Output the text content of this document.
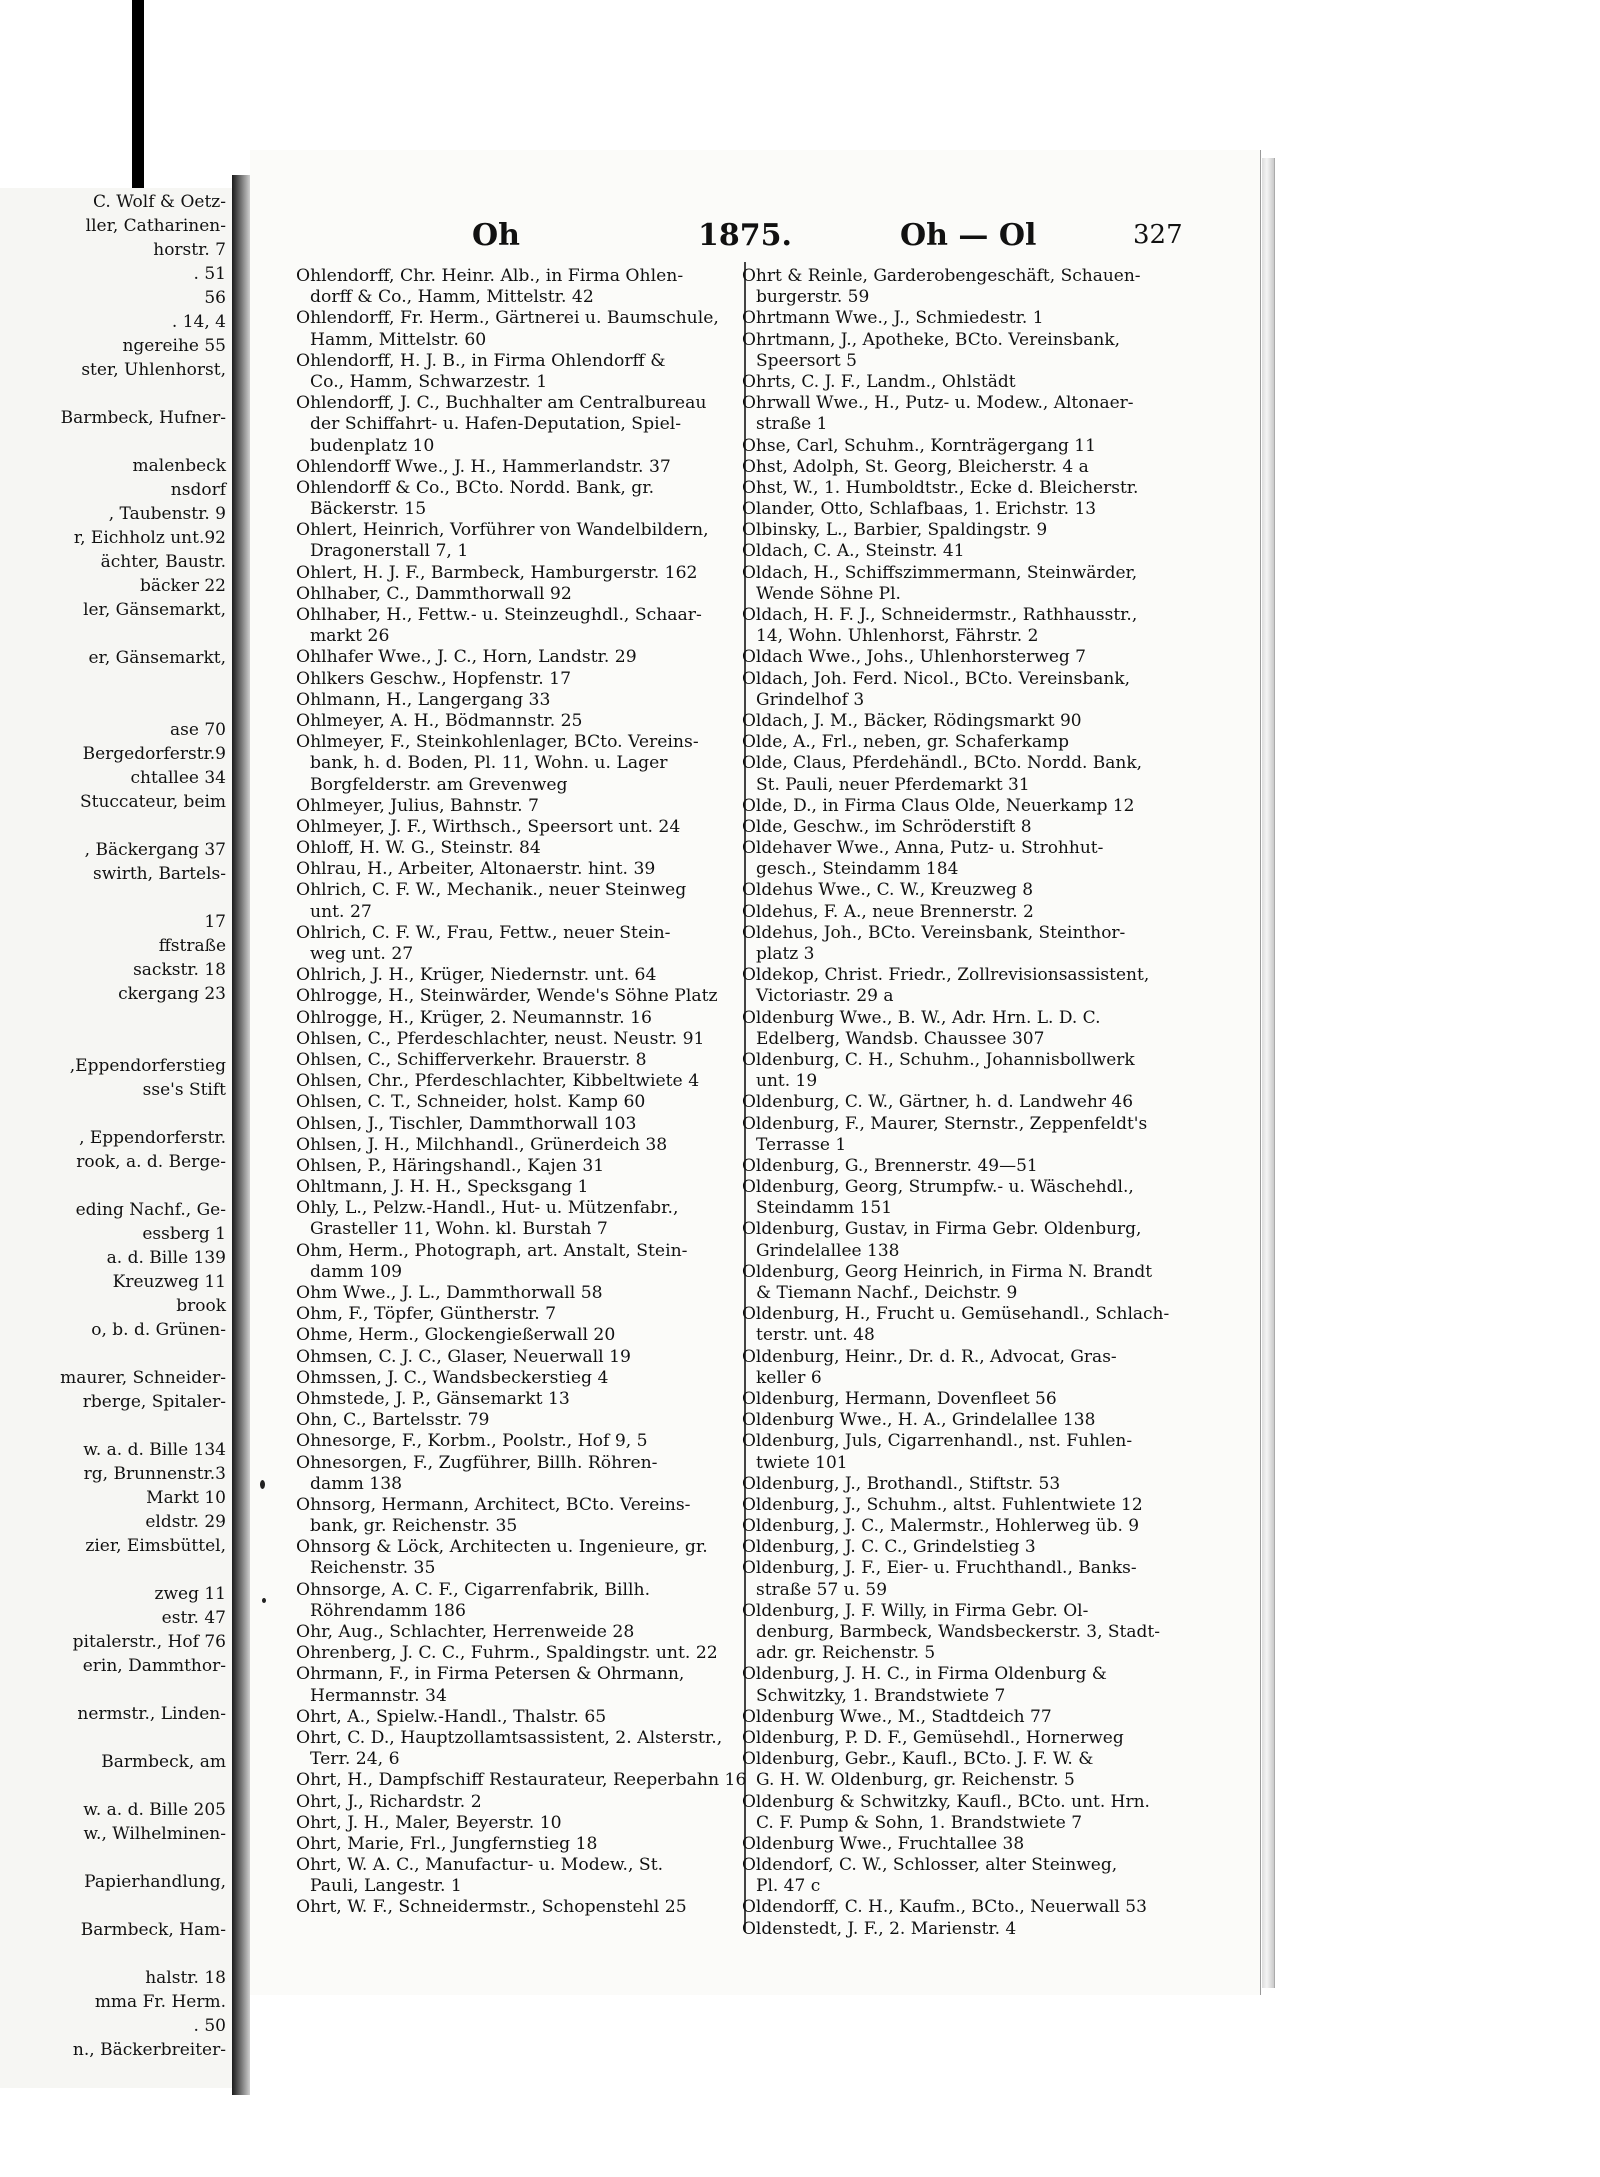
C. Wolf & Oetz-
ller, Catharinen-
horstr. 7
. 51
56
. 14, 4
ngereihe 55
ster, Uhlenhorst,
Barmbeck, Hufner-
malenbeck
nsdorf
, Taubenstr. 9
r, Eichholz unt.92
ächter, Baustr.
bäcker 22
ler, Gänsemarkt,
er, Gänsemarkt,
ase 70
Bergedorferstr.9
chtallee 34
Stuccateur, beim
, Bäckergang 37
swirth, Bartels-
17
ffstraße
sackstr. 18
ckergang 23
,Eppendorferstieg
sse's Stift
, Eppendorferstr.
rook, a. d. Berge-
eding Nachf., Ge-
essberg 1
a. d. Bille 139
Kreuzweg 11
brook
o, b. d. Grünen-
maurer, Schneider-
rberge, Spitaler-
w. a. d. Bille 134
rg, Brunnenstr.3
Markt 10
eldstr. 29
zier, Eimsbüttel,
zweg 11
estr. 47
pitalerstr., Hof 76
erin, Dammthor-
nermstr., Linden-
Barmbeck, am
w. a. d. Bille 205
w., Wilhelminen-
Papierhandlung,
Barmbeck, Ham-
halstr. 18
mma Fr. Herm.
. 50
n., Bäckerbreiter-
Oh	1875.	Oh — Ol	327
Ohlendorff, Chr. Heinr. Alb., in Firma Ohlen-
dorff & Co., Hamm, Mittelstr. 42
Ohlendorff, Fr. Herm., Gärtnerei u. Baumschule,
Hamm, Mittelstr. 60
Ohlendorff, H. J. B., in Firma Ohlendorff &
Co., Hamm, Schwarzestr. 1
Ohlendorff, J. C., Buchhalter am Centralbureau
der Schiffahrt- u. Hafen-Deputation, Spiel-
budenplatz 10
Ohlendorff Wwe., J. H., Hammerlandstr. 37
Ohlendorff & Co., BCto. Nordd. Bank, gr.
Bäckerstr. 15
Ohlert, Heinrich, Vorführer von Wandelbildern,
Dragonerstall 7, 1
Ohlert, H. J. F., Barmbeck, Hamburgerstr. 162
Ohlhaber, C., Dammthorwall 92
Ohlhaber, H., Fettw.- u. Steinzeughdl., Schaar-
markt 26
Ohlhafer Wwe., J. C., Horn, Landstr. 29
Ohlkers Geschw., Hopfenstr. 17
Ohlmann, H., Langergang 33
Ohlmeyer, A. H., Bödmannstr. 25
Ohlmeyer, F., Steinkohlenlager, BCto. Vereins-
bank, h. d. Boden, Pl. 11, Wohn. u. Lager
Borgfelderstr. am Grevenweg
Ohlmeyer, Julius, Bahnstr. 7
Ohlmeyer, J. F., Wirthsch., Speersort unt. 24
Ohloff, H. W. G., Steinstr. 84
Ohlrau, H., Arbeiter, Altonaerstr. hint. 39
Ohlrich, C. F. W., Mechanik., neuer Steinweg
unt. 27
Ohlrich, C. F. W., Frau, Fettw., neuer Stein-
weg unt. 27
Ohlrich, J. H., Krüger, Niedernstr. unt. 64
Ohlrogge, H., Steinwärder, Wende's Söhne Platz
Ohlrogge, H., Krüger, 2. Neumannstr. 16
Ohlsen, C., Pferdeschlachter, neust. Neustr. 91
Ohlsen, C., Schifferverkehr. Brauerstr. 8
Ohlsen, Chr., Pferdeschlachter, Kibbeltwiete 4
Ohlsen, C. T., Schneider, holst. Kamp 60
Ohlsen, J., Tischler, Dammthorwall 103
Ohlsen, J. H., Milchhandl., Grünerdeich 38
Ohlsen, P., Häringshandl., Kajen 31
Ohltmann, J. H. H., Specksgang 1
Ohly, L., Pelzw.-Handl., Hut- u. Mützenfabr.,
Grasteller 11, Wohn. kl. Burstah 7
Ohm, Herm., Photograph, art. Anstalt, Stein-
damm 109
Ohm Wwe., J. L., Dammthorwall 58
Ohm, F., Töpfer, Güntherstr. 7
Ohme, Herm., Glockengießerwall 20
Ohmsen, C. J. C., Glaser, Neuerwall 19
Ohmssen, J. C., Wandsbeckerstieg 4
Ohmstede, J. P., Gänsemarkt 13
Ohn, C., Bartelsstr. 79
Ohnesorge, F., Korbm., Poolstr., Hof 9, 5
Ohnesorgen, F., Zugführer, Billh. Röhren-
damm 138
Ohnsorg, Hermann, Architect, BCto. Vereins-
bank, gr. Reichenstr. 35
Ohnsorg & Löck, Architecten u. Ingenieure, gr.
Reichenstr. 35
Ohnsorge, A. C. F., Cigarrenfabrik, Billh.
Röhrendamm 186
Ohr, Aug., Schlachter, Herrenweide 28
Ohrenberg, J. C. C., Fuhrm., Spaldingstr. unt. 22
Ohrmann, F., in Firma Petersen & Ohrmann,
Hermannstr. 34
Ohrt, A., Spielw.-Handl., Thalstr. 65
Ohrt, C. D., Hauptzollamtsassistent, 2. Alsterstr.,
Terr. 24, 6
Ohrt, H., Dampfschiff Restaurateur, Reeperbahn 16
Ohrt, J., Richardstr. 2
Ohrt, J. H., Maler, Beyerstr. 10
Ohrt, Marie, Frl., Jungfernstieg 18
Ohrt, W. A. C., Manufactur- u. Modew., St.
Pauli, Langestr. 1
Ohrt, W. F., Schneidermstr., Schopenstehl 25
Ohrt & Reinle, Garderobengeschäft, Schauen-
burgerstr. 59
Ohrtmann Wwe., J., Schmiedestr. 1
Ohrtmann, J., Apotheke, BCto. Vereinsbank,
Speersort 5
Ohrts, C. J. F., Landm., Ohlstädt
Ohrwall Wwe., H., Putz- u. Modew., Altonaer-
straße 1
Ohse, Carl, Schuhm., Kornträgergang 11
Ohst, Adolph, St. Georg, Bleicherstr. 4 a
Ohst, W., 1. Humboldtstr., Ecke d. Bleicherstr.
Olander, Otto, Schlafbaas, 1. Erichstr. 13
Olbinsky, L., Barbier, Spaldingstr. 9
Oldach, C. A., Steinstr. 41
Oldach, H., Schiffszimmermann, Steinwärder,
Wende Söhne Pl.
Oldach, H. F. J., Schneidermstr., Rathhausstr.,
14, Wohn. Uhlenhorst, Fährstr. 2
Oldach Wwe., Johs., Uhlenhorsterweg 7
Oldach, Joh. Ferd. Nicol., BCto. Vereinsbank,
Grindelhof 3
Oldach, J. M., Bäcker, Rödingsmarkt 90
Olde, A., Frl., neben, gr. Schaferkamp
Olde, Claus, Pferdehändl., BCto. Nordd. Bank,
St. Pauli, neuer Pferdemarkt 31
Olde, D., in Firma Claus Olde, Neuerkamp 12
Olde, Geschw., im Schröderstift 8
Oldehaver Wwe., Anna, Putz- u. Strohhut-
gesch., Steindamm 184
Oldehus Wwe., C. W., Kreuzweg 8
Oldehus, F. A., neue Brennerstr. 2
Oldehus, Joh., BCto. Vereinsbank, Steinthor-
platz 3
Oldekop, Christ. Friedr., Zollrevisionsassistent,
Victoriastr. 29 a
Oldenburg Wwe., B. W., Adr. Hrn. L. D. C.
Edelberg, Wandsb. Chaussee 307
Oldenburg, C. H., Schuhm., Johannisbollwerk
unt. 19
Oldenburg, C. W., Gärtner, h. d. Landwehr 46
Oldenburg, F., Maurer, Sternstr., Zeppenfeldt's
Terrasse 1
Oldenburg, G., Brennerstr. 49—51
Oldenburg, Georg, Strumpfw.- u. Wäschehdl.,
Steindamm 151
Oldenburg, Gustav, in Firma Gebr. Oldenburg,
Grindelallee 138
Oldenburg, Georg Heinrich, in Firma N. Brandt
& Tiemann Nachf., Deichstr. 9
Oldenburg, H., Frucht u. Gemüsehandl., Schlach-
terstr. unt. 48
Oldenburg, Heinr., Dr. d. R., Advocat, Gras-
keller 6
Oldenburg, Hermann, Dovenfleet 56
Oldenburg Wwe., H. A., Grindelallee 138
Oldenburg, Juls, Cigarrenhandl., nst. Fuhlen-
twiete 101
Oldenburg, J., Brothandl., Stiftstr. 53
Oldenburg, J., Schuhm., altst. Fuhlentwiete 12
Oldenburg, J. C., Malermstr., Hohlerweg üb. 9
Oldenburg, J. C. C., Grindelstieg 3
Oldenburg, J. F., Eier- u. Fruchthandl., Banks-
straße 57 u. 59
Oldenburg, J. F. Willy, in Firma Gebr. Ol-
denburg, Barmbeck, Wandsbeckerstr. 3, Stadt-
adr. gr. Reichenstr. 5
Oldenburg, J. H. C., in Firma Oldenburg &
Schwitzky, 1. Brandstwiete 7
Oldenburg Wwe., M., Stadtdeich 77
Oldenburg, P. D. F., Gemüsehdl., Hornerweg
Oldenburg, Gebr., Kaufl., BCto. J. F. W. &
G. H. W. Oldenburg, gr. Reichenstr. 5
Oldenburg & Schwitzky, Kaufl., BCto. unt. Hrn.
C. F. Pump & Sohn, 1. Brandstwiete 7
Oldenburg Wwe., Fruchtallee 38
Oldendorf, C. W., Schlosser, alter Steinweg,
Pl. 47 c
Oldendorff, C. H., Kaufm., BCto., Neuerwall 53
Oldenstedt, J. F., 2. Marienstr. 4
